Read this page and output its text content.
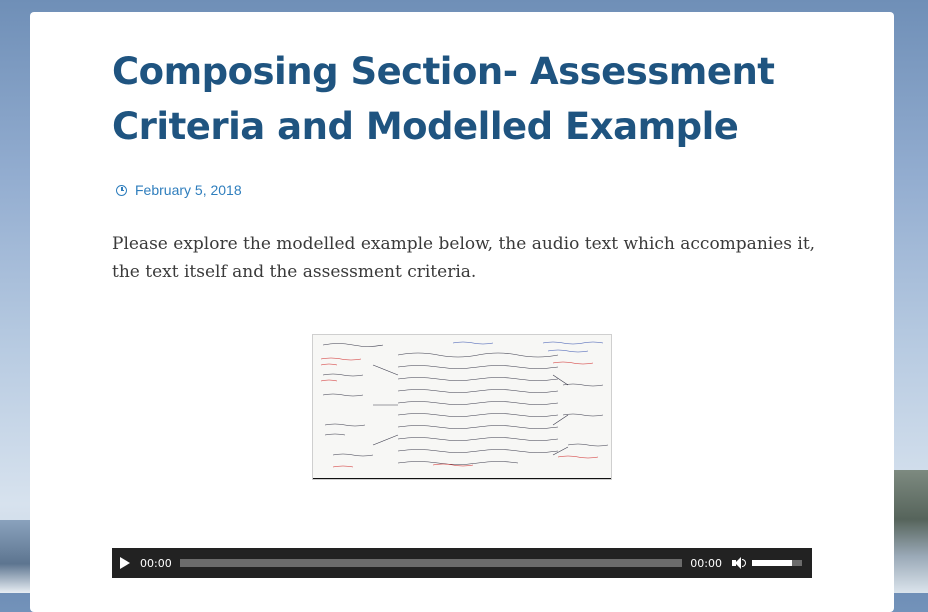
Composing Section- Assessment Criteria and Modelled Example
February 5, 2018

Please explore the modelled example below, the audio text which accompanies it, the text itself and the assessment criteria.

00:00	00:00
